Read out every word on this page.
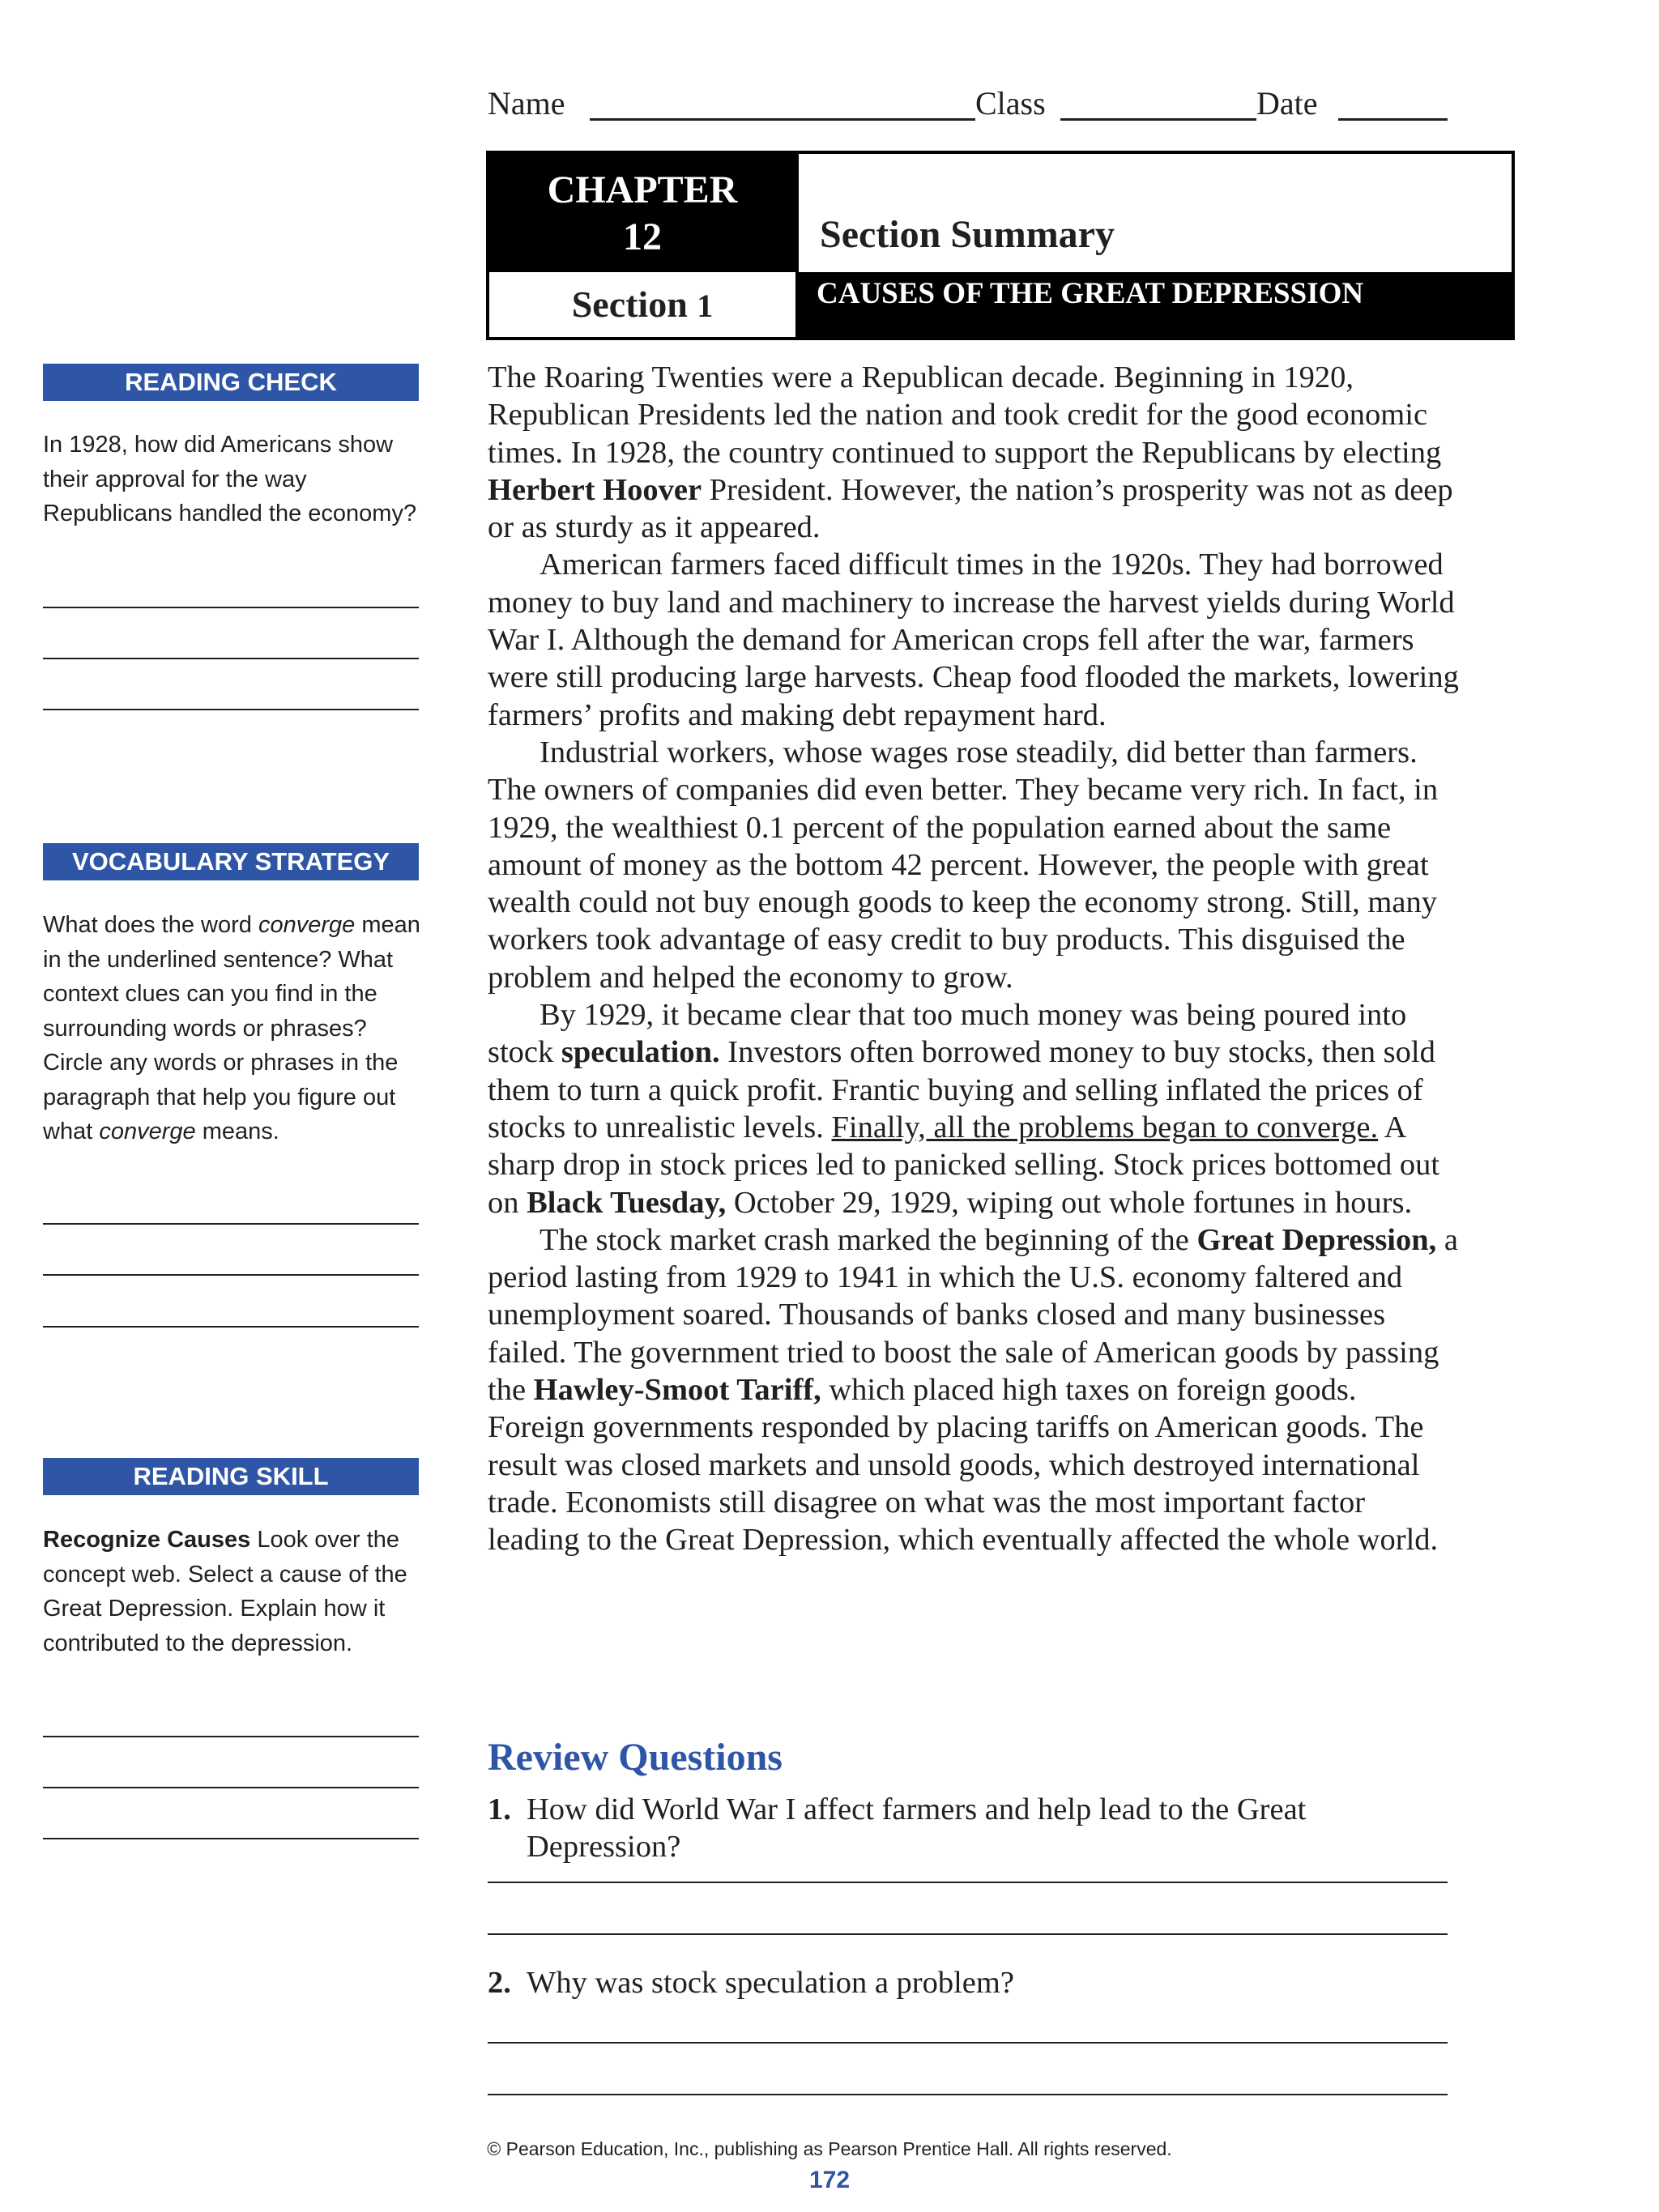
Name	Class	Date
CHAPTER
12	Section Summary
Section 1	CAUSES OF THE GREAT DEPRESSION
READING CHECK
In 1928, how did Americans show their approval for the way Republicans handled the economy?
VOCABULARY STRATEGY
What does the word converge mean in the underlined sentence? What context clues can you find in the surrounding words or phrases? Circle any words or phrases in the paragraph that help you figure out what converge means.
READING SKILL
Recognize Causes Look over the concept web. Select a cause of the Great Depression. Explain how it contributed to the depression.

The Roaring Twenties were a Republican decade. Beginning in 1920, Republican Presidents led the nation and took credit for the good economic times. In 1928, the country continued to support the Republicans by electing Herbert Hoover President. However, the nation’s prosperity was not as deep or as sturdy as it appeared.

American farmers faced difficult times in the 1920s. They had borrowed money to buy land and machinery to increase the harvest yields during World War I. Although the demand for American crops fell after the war, farmers were still producing large harvests. Cheap food flooded the markets, lowering farmers’ profits and making debt repayment hard.

Industrial workers, whose wages rose steadily, did better than farmers. The owners of companies did even better. They became very rich. In fact, in 1929, the wealthiest 0.1 percent of the population earned about the same amount of money as the bottom 42 percent. However, the people with great wealth could not buy enough goods to keep the economy strong. Still, many workers took advantage of easy credit to buy products. This disguised the problem and helped the economy to grow.

By 1929, it became clear that too much money was being poured into stock speculation. Investors often borrowed money to buy stocks, then sold them to turn a quick profit. Frantic buying and selling inflated the prices of stocks to unrealistic levels. Finally, all the problems began to converge. A sharp drop in stock prices led to panicked selling. Stock prices bottomed out on Black Tuesday, October 29, 1929, wiping out whole fortunes in hours.

The stock market crash marked the beginning of the Great Depression, a period lasting from 1929 to 1941 in which the U.S. economy faltered and unemployment soared. Thousands of banks closed and many businesses failed. The government tried to boost the sale of American goods by passing the Hawley-Smoot Tariff, which placed high taxes on foreign goods. Foreign governments responded by placing tariffs on American goods. The result was closed markets and unsold goods, which destroyed international trade. Economists still disagree on what was the most important factor leading to the Great Depression, which eventually affected the whole world.

Review Questions
1. How did World War I affect farmers and help lead to the Great Depression?
2. Why was stock speculation a problem?
© Pearson Education, Inc., publishing as Pearson Prentice Hall. All rights reserved.
172
